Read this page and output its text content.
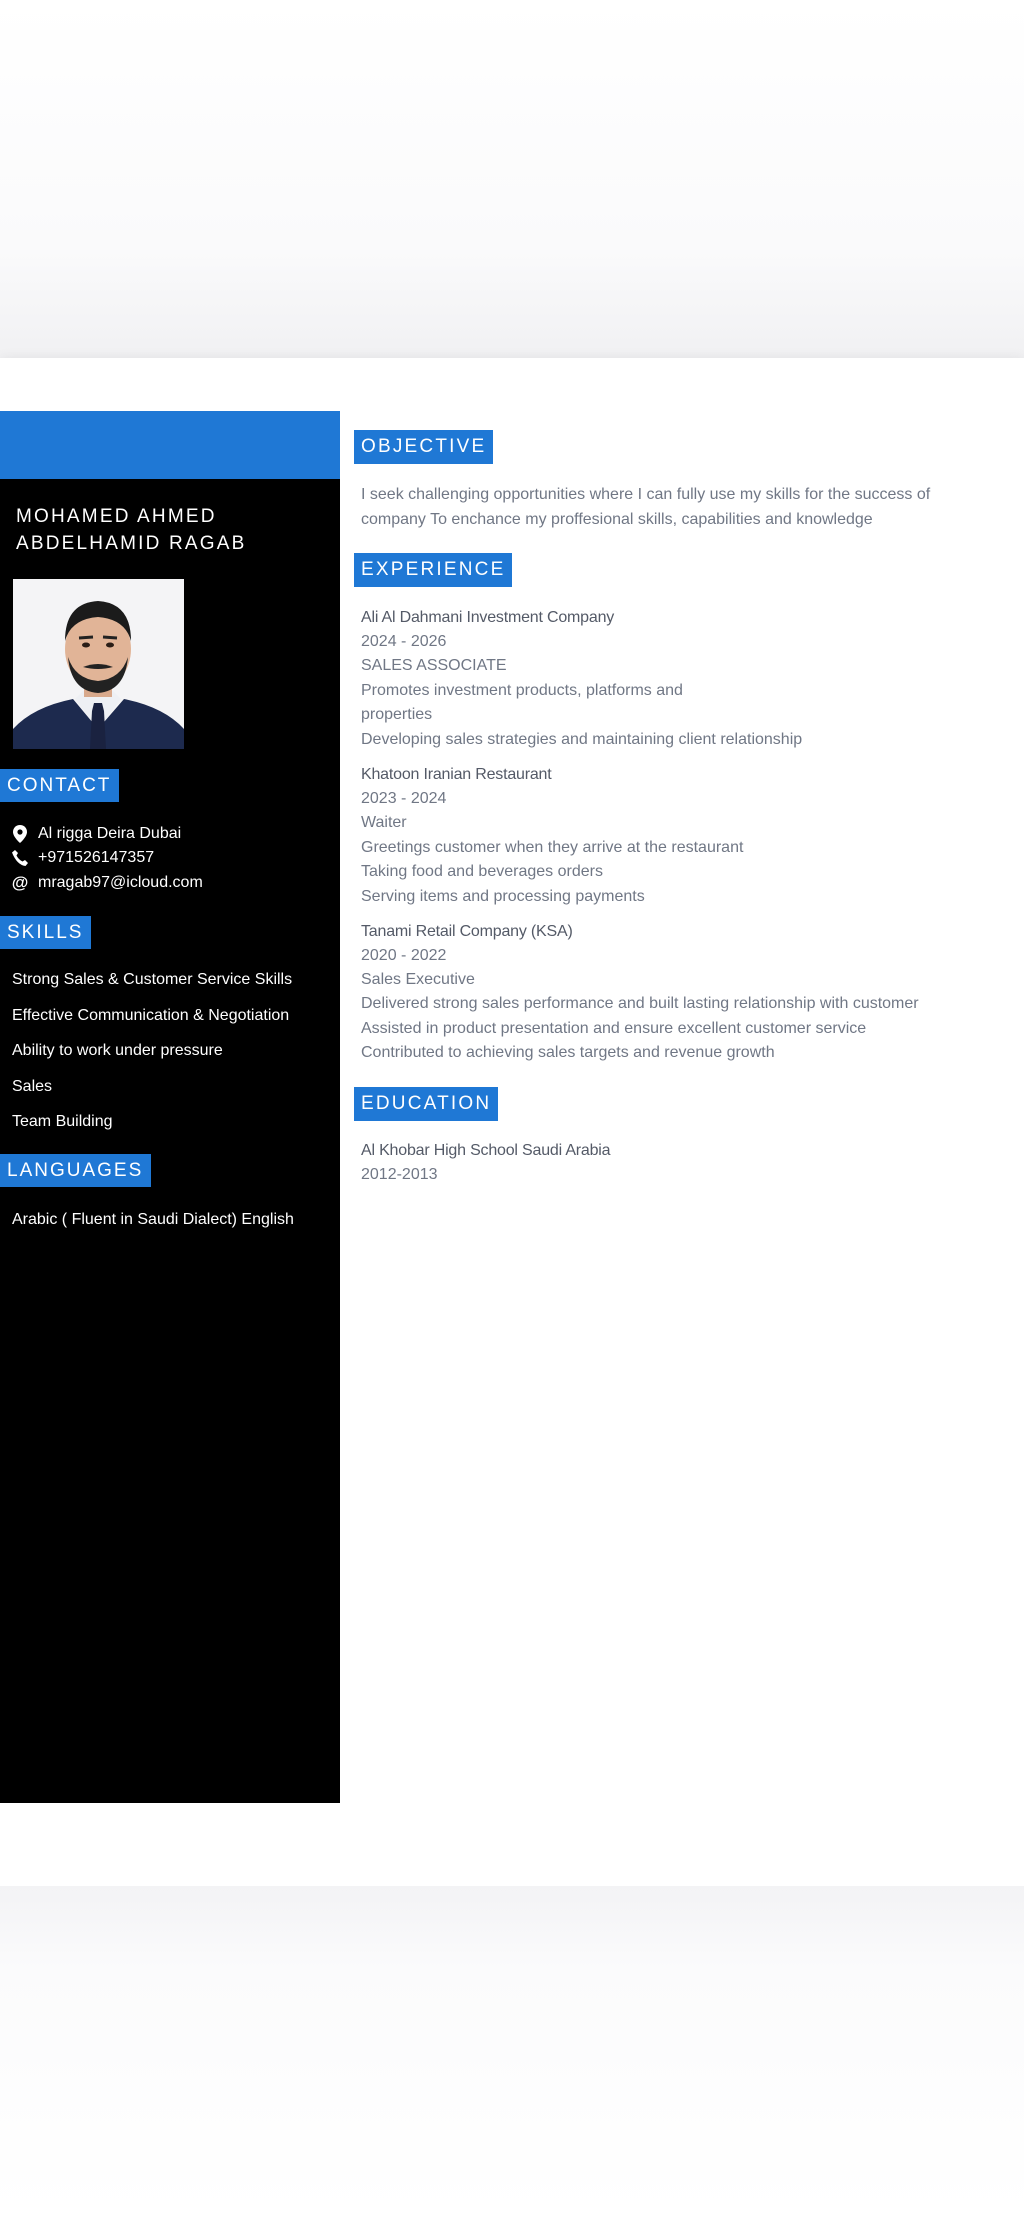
MOHAMED AHMED
ABDELHAMID RAGAB
CONTACT
Al rigga Deira Dubai
+971526147357
@ mragab97@icloud.com
SKILLS
Strong Sales & Customer Service Skills
Effective Communication & Negotiation
Ability to work under pressure
Sales
Team Building
LANGUAGES
Arabic ( Fluent in Saudi Dialect) English
OBJECTIVE
I seek challenging opportunities where I can fully use my skills for the success of
company To enchance my proffesional skills, capabilities and knowledge
EXPERIENCE
Ali Al Dahmani Investment Company
2024 - 2026
SALES ASSOCIATE
Promotes investment products, platforms and
properties
Developing sales strategies and maintaining client relationship
Khatoon Iranian Restaurant
2023 - 2024
Waiter
Greetings customer when they arrive at the restaurant
Taking food and beverages orders
Serving items and processing payments
Tanami Retail Company (KSA)
2020 - 2022
Sales Executive
Delivered strong sales performance and built lasting relationship with customer
Assisted in product presentation and ensure excellent customer service
Contributed to achieving sales targets and revenue growth
EDUCATION
Al Khobar High School Saudi Arabia
2012-2013
